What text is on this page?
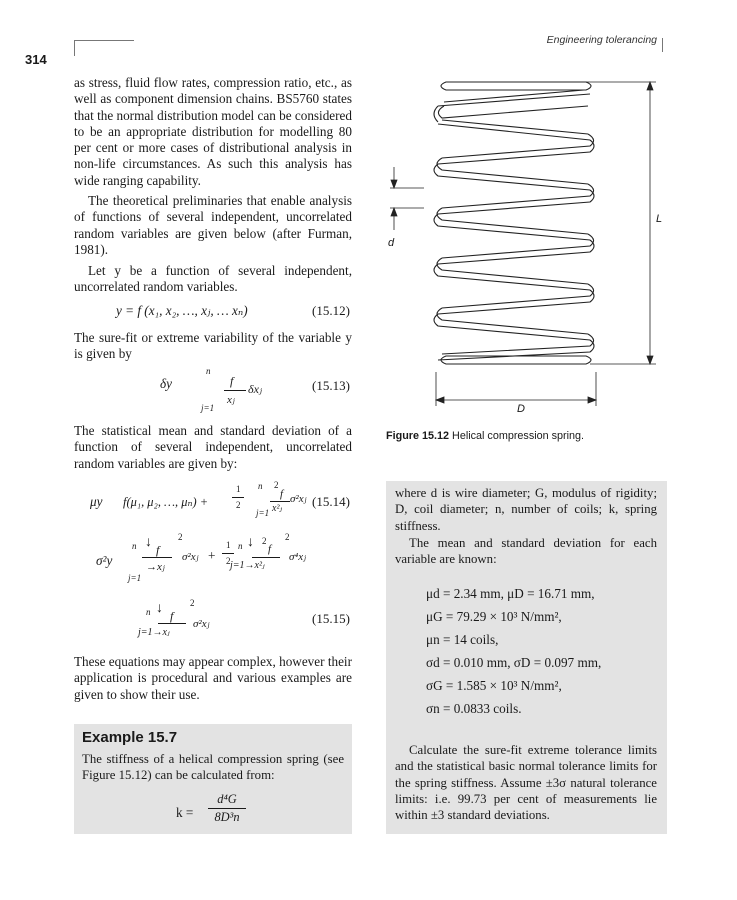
314
Engineering tolerancing
as stress, fluid flow rates, compression ratio, etc., as well as component dimension chains. BS5760 states that the normal distribution model can be considered to be an appropriate distribution for modelling 80 per cent or more cases of distributional analysis in non-life circumstances. As such this analysis has wide ranging capability.
The theoretical preliminaries that enable analysis of functions of several independent, uncorrelated random variables are given below (after Furman, 1981).
Let y be a function of several independent, uncorrelated random variables.
y = f (x₁, x₂, …, xⱼ, … xₙ)	(15.12)
The sure-fit or extreme variability of the variable y is given by
δy
n
f
xⱼ
δxⱼ
j=1
(15.13)
The statistical mean and standard deviation of a function of several independent, uncorrelated random variables are given by:
μy f(μ₁, μ₂, …, μₙ) +
1
2
n 2
f
x²ⱼ
σ²xⱼ
j=1
(15.14)
σ²y
n ↓ f
→xⱼ
2
σ²xⱼ +
1
2
n ↓ 2
f
j=1→x²ⱼ
2
σ⁴xⱼ
j=1
n ↓ f
j=1→xⱼ
2
σ²xⱼ	(15.15)
These equations may appear complex, however their application is procedural and various examples are given to show their use.
Example 15.7
The stiffness of a helical compression spring (see Figure 15.12) can be calculated from:
k =
d⁴G
8D³n
d
L
D
Figure 15.12 Helical compression spring.
where d is wire diameter; G, modulus of rigidity; D, coil diameter; n, number of coils; k, spring stiffness.
The mean and standard deviation for each variable are known:
μd = 2.34 mm, μD = 16.71 mm,
μG = 79.29 × 10³ N/mm²,
μn = 14 coils,
σd = 0.010 mm, σD = 0.097 mm,
σG = 1.585 × 10³ N/mm²,
σn = 0.0833 coils.
Calculate the sure-fit extreme tolerance limits and the statistical basic normal tolerance limits for the spring stiffness. Assume ±3σ natural tolerance limits: i.e. 99.73 per cent of measurements lie within ±3 standard deviations.
